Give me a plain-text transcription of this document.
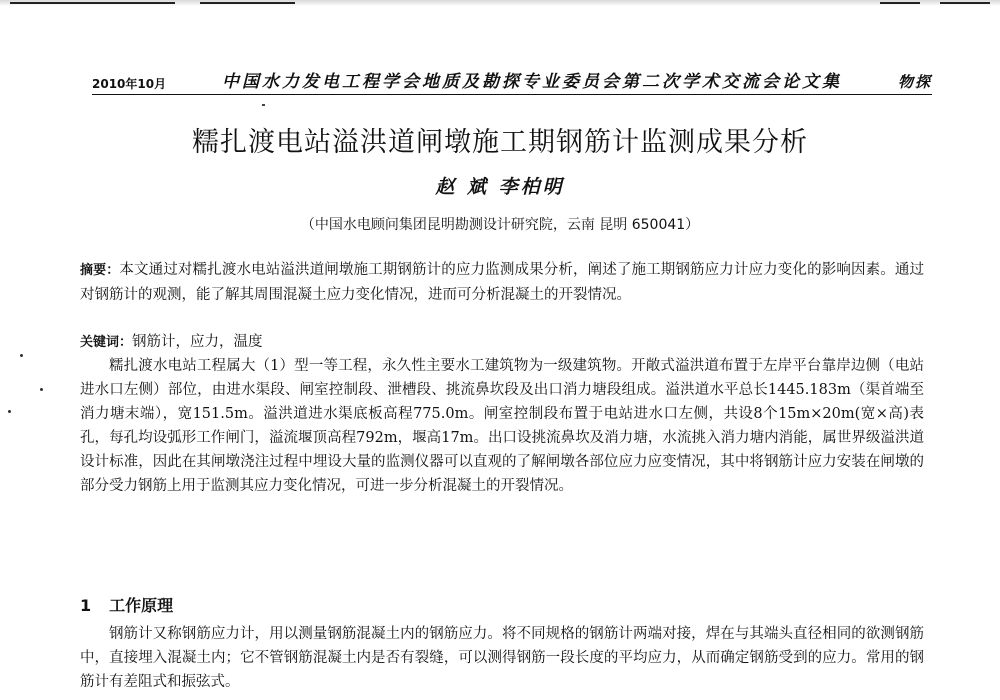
2010年10月	中国水力发电工程学会地质及勘探专业委员会第二次学术交流会论文集	物探
糯扎渡电站溢洪道闸墩施工期钢筋计监测成果分析
赵 斌 李柏明
（中国水电顾问集团昆明勘测设计研究院，云南 昆明 650041）
摘要：本文通过对糯扎渡水电站溢洪道闸墩施工期钢筋计的应力监测成果分析，阐述了施工期钢筋应力计应力变化的影响因素。通过对钢筋计的观测，能了解其周围混凝土应力变化情况，进而可分析混凝土的开裂情况。
关键词：钢筋计，应力，温度
糯扎渡水电站工程属大（1）型一等工程，永久性主要水工建筑物为一级建筑物。开敞式溢洪道布置于左岸平台靠岸边侧（电站进水口左侧）部位，由进水渠段、闸室控制段、泄槽段、挑流鼻坎段及出口消力塘段组成。溢洪道水平总长1445.183m（渠首端至消力塘末端），宽151.5m。溢洪道进水渠底板高程775.0m。闸室控制段布置于电站进水口左侧，共设8个15m×20m(宽×高)表孔，每孔均设弧形工作闸门，溢流堰顶高程792m，堰高17m。出口设挑流鼻坎及消力塘，水流挑入消力塘内消能，属世界级溢洪道设计标准，因此在其闸墩浇注过程中埋设大量的监测仪器可以直观的了解闸墩各部位应力应变情况，其中将钢筋计应力安装在闸墩的部分受力钢筋上用于监测其应力变化情况，可进一步分析混凝土的开裂情况。
1 工作原理
钢筋计又称钢筋应力计，用以测量钢筋混凝土内的钢筋应力。将不同规格的钢筋计两端对接，焊在与其端头直径相同的欲测钢筋中，直接埋入混凝土内；它不管钢筋混凝土内是否有裂缝，可以测得钢筋一段长度的平均应力，从而确定钢筋受到的应力。常用的钢筋计有差阻式和振弦式。
